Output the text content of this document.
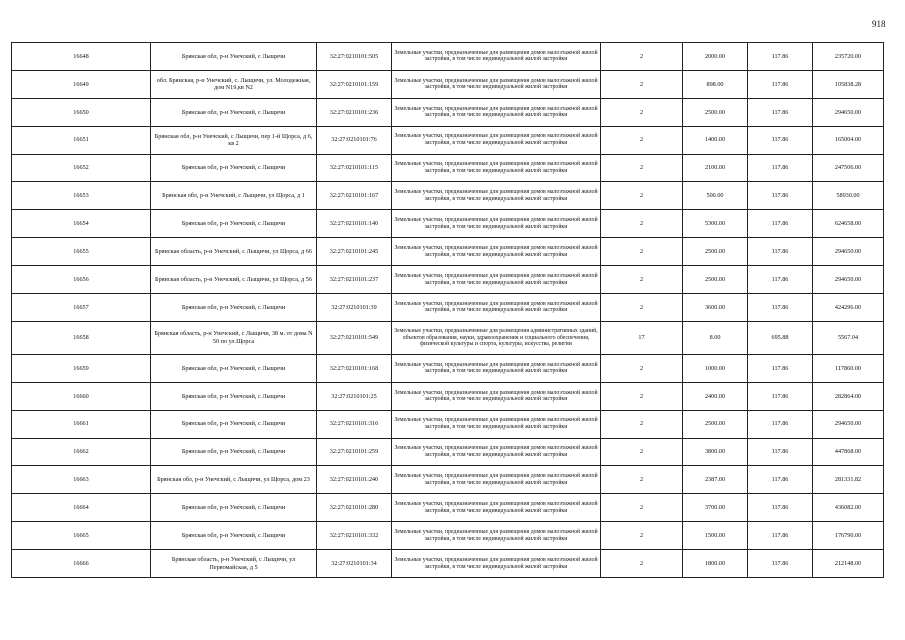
918
16648	Брянская обл, р-н Унечский, с Лыщичи	32:27:0210101:505	Земельные участки, предназначенные для размещения домов малоэтажной жилой застройки, в том числе индивидуальной жилой застройки	2	2000.00	117.86	235720.00
16649	обл. Брянская, р-н Унечский, с. Лыщичи, ул. Молодежная, дом N19,кв N2	32:27:0210101:159	Земельные участки, предназначенные для размещения домов малоэтажной жилой застройки, в том числе индивидуальной жилой застройки	2	898.00	117.86	105838.28
16650	Брянская обл, р-н Унечский, с Лыщичи	32:27:0210101:236	Земельные участки, предназначенные для размещения домов малоэтажной жилой застройки, в том числе индивидуальной жилой застройки	2	2500.00	117.86	294650.00
16651	Брянская обл, р-н Унечский, с Лыщичи, пер 1-й Щорса, д 6, кв 2	32:27:0210101:76	Земельные участки, предназначенные для размещения домов малоэтажной жилой застройки, в том числе индивидуальной жилой застройки	2	1400.00	117.86	165004.00
16652	Брянская обл, р-н Унечский, с Лыщичи	32:27:0210101:115	Земельные участки, предназначенные для размещения домов малоэтажной жилой застройки, в том числе индивидуальной жилой застройки	2	2100.00	117.86	247506.00
16653	Брянская обл, р-н Унечский, с Лыщичи, ул Щорса, д 1	32:27:0210101:167	Земельные участки, предназначенные для размещения домов малоэтажной жилой застройки, в том числе индивидуальной жилой застройки	2	500.00	117.86	58930.00
16654	Брянская обл, р-н Унечский, с Лыщичи	32:27:0210101:140	Земельные участки, предназначенные для размещения домов малоэтажной жилой застройки, в том числе индивидуальной жилой застройки	2	5300.00	117.86	624658.00
16655	Брянская область, р-н Унечский, с Лыщичи, ул Щорса, д 66	32:27:0210101:245	Земельные участки, предназначенные для размещения домов малоэтажной жилой застройки, в том числе индивидуальной жилой застройки	2	2500.00	117.86	294650.00
16656	Брянская область, р-н Унечский, с Лыщичи, ул Щорса, д 56	32:27:0210101:237	Земельные участки, предназначенные для размещения домов малоэтажной жилой застройки, в том числе индивидуальной жилой застройки	2	2500.00	117.86	294650.00
16657	Брянская обл, р-н Унечский, с Лыщичи	32:27:0210101:39	Земельные участки, предназначенные для размещения домов малоэтажной жилой застройки, в том числе индивидуальной жилой застройки	2	3600.00	117.86	424296.00
16658	Брянская область, р-н Унечский, с Лыщичи, 38 м. от дома N 50 по ул.Щорса	32:27:0210101:549	Земельные участки, предназначенные для размещения административных зданий, объектов образования, науки, здравоохранения и социального обеспечения, физической культуры и спорта, культуры, искусства, религии	17	8.00	695.88	5567.04
16659	Брянская обл, р-н Унечский, с Лыщичи	32:27:0210101:168	Земельные участки, предназначенные для размещения домов малоэтажной жилой застройки, в том числе индивидуальной жилой застройки	2	1000.00	117.86	117860.00
16660	Брянская обл, р-н Унечский, с Лыщичи	32:27:0210101:25	Земельные участки, предназначенные для размещения домов малоэтажной жилой застройки, в том числе индивидуальной жилой застройки	2	2400.00	117.86	282864.00
16661	Брянская обл, р-н Унечский, с Лыщичи	32:27:0210101:316	Земельные участки, предназначенные для размещения домов малоэтажной жилой застройки, в том числе индивидуальной жилой застройки	2	2500.00	117.86	294650.00
16662	Брянская обл, р-н Унечский, с Лыщичи	32:27:0210101:259	Земельные участки, предназначенные для размещения домов малоэтажной жилой застройки, в том числе индивидуальной жилой застройки	2	3800.00	117.86	447868.00
16663	Брянская обл, р-н Унечский, с Лыщичи, ул Щорса, дом 23	32:27:0210101:240	Земельные участки, предназначенные для размещения домов малоэтажной жилой застройки, в том числе индивидуальной жилой застройки	2	2387.00	117.86	281331.82
16664	Брянская обл, р-н Унечский, с Лыщичи	32:27:0210101:280	Земельные участки, предназначенные для размещения домов малоэтажной жилой застройки, в том числе индивидуальной жилой застройки	2	3700.00	117.86	436082.00
16665	Брянская обл, р-н Унечский, с Лыщичи	32:27:0210101:332	Земельные участки, предназначенные для размещения домов малоэтажной жилой застройки, в том числе индивидуальной жилой застройки	2	1500.00	117.86	176790.00
16666	Брянская область, р-н Унечский, с Лыщичи, ул Первомайская, д 5	32:27:0210101:34	Земельные участки, предназначенные для размещения домов малоэтажной жилой застройки, в том числе индивидуальной жилой застройки	2	1800.00	117.86	212148.00
